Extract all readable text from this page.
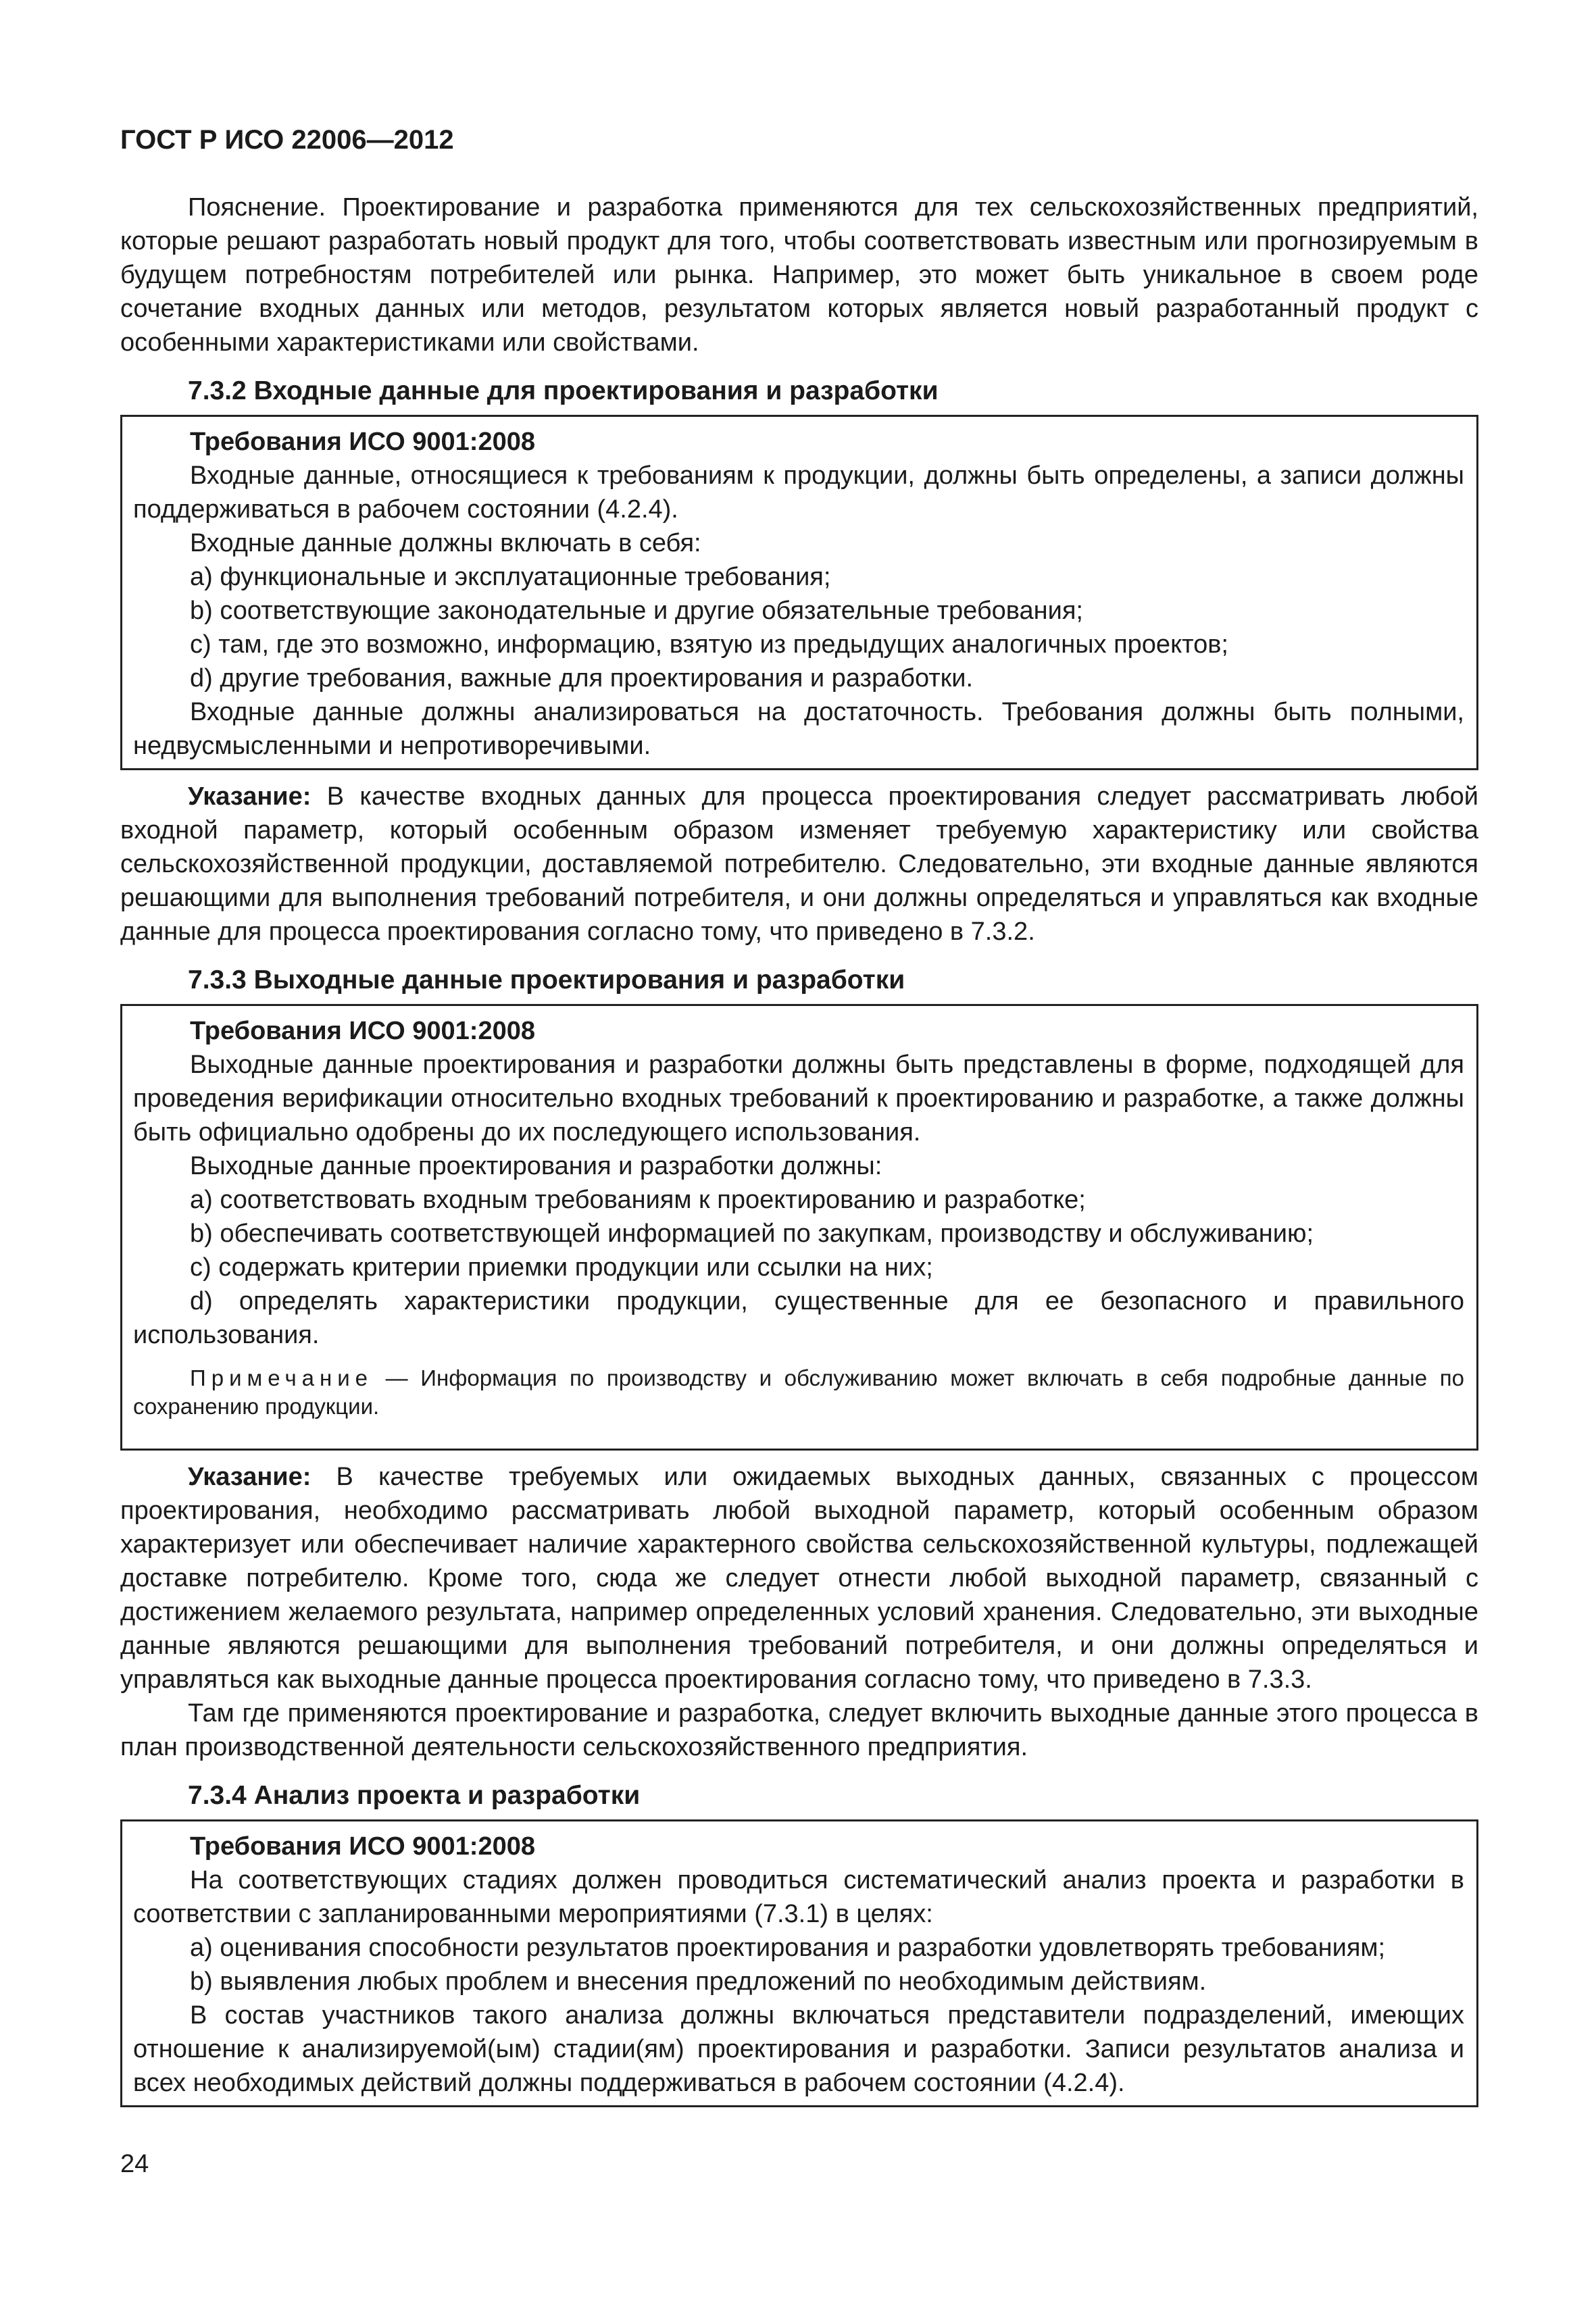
ГОСТ Р ИСО 22006—2012

Пояснение. Проектирование и разработка применяются для тех сельскохозяйственных предприятий, которые решают разработать новый продукт для того, чтобы соответствовать известным или прогнозируемым в будущем потребностям потребителей или рынка. Например, это может быть уникальное в своем роде сочетание входных данных или методов, результатом которых является новый разработанный продукт с особенными характеристиками или свойствами.

7.3.2 Входные данные для проектирования и разработки

Требования ИСО 9001:2008

Входные данные, относящиеся к требованиям к продукции, должны быть определены, а записи должны поддерживаться в рабочем состоянии (4.2.4).

Входные данные должны включать в себя:

a) функциональные и эксплуатационные требования;

b) соответствующие законодательные и другие обязательные требования;

c) там, где это возможно, информацию, взятую из предыдущих аналогичных проектов;

d) другие требования, важные для проектирования и разработки.

Входные данные должны анализироваться на достаточность. Требования должны быть полными, недвусмысленными и непротиворечивыми.

Указание: В качестве входных данных для процесса проектирования следует рассматривать любой входной параметр, который особенным образом изменяет требуемую характеристику или свойства сельскохозяйственной продукции, доставляемой потребителю. Следовательно, эти входные данные являются решающими для выполнения требований потребителя, и они должны определяться и управляться как входные данные для процесса проектирования согласно тому, что приведено в 7.3.2.

7.3.3 Выходные данные проектирования и разработки

Требования ИСО 9001:2008

Выходные данные проектирования и разработки должны быть представлены в форме, подходящей для проведения верификации относительно входных требований к проектированию и разработке, а также должны быть официально одобрены до их последующего использования.

Выходные данные проектирования и разработки должны:

a) соответствовать входным требованиям к проектированию и разработке;

b) обеспечивать соответствующей информацией по закупкам, производству и обслуживанию;

c) содержать критерии приемки продукции или ссылки на них;

d) определять характеристики продукции, существенные для ее безопасного и правильного использования.

Примечание — Информация по производству и обслуживанию может включать в себя подробные данные по сохранению продукции.

Указание: В качестве требуемых или ожидаемых выходных данных, связанных с процессом проектирования, необходимо рассматривать любой выходной параметр, который особенным образом характеризует или обеспечивает наличие характерного свойства сельскохозяйственной культуры, подлежащей доставке потребителю. Кроме того, сюда же следует отнести любой выходной параметр, связанный с достижением желаемого результата, например определенных условий хранения. Следовательно, эти выходные данные являются решающими для выполнения требований потребителя, и они должны определяться и управляться как выходные данные процесса проектирования согласно тому, что приведено в 7.3.3.

Там где применяются проектирование и разработка, следует включить выходные данные этого процесса в план производственной деятельности сельскохозяйственного предприятия.

7.3.4 Анализ проекта и разработки

Требования ИСО 9001:2008

На соответствующих стадиях должен проводиться систематический анализ проекта и разработки в соответствии с запланированными мероприятиями (7.3.1) в целях:

a) оценивания способности результатов проектирования и разработки удовлетворять требованиям;

b) выявления любых проблем и внесения предложений по необходимым действиям.

В состав участников такого анализа должны включаться представители подразделений, имеющих отношение к анализируемой(ым) стадии(ям) проектирования и разработки. Записи результатов анализа и всех необходимых действий должны поддерживаться в рабочем состоянии (4.2.4).

24
